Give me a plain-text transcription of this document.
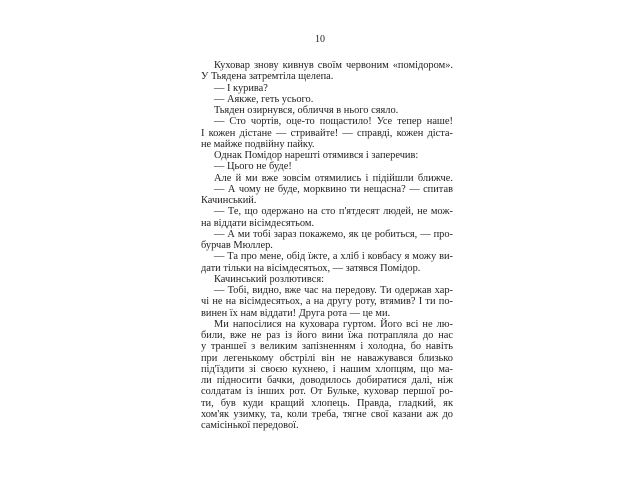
10
Куховар знову кивнув своїм червоним «помідором».
У Тьядена затремтіла щелепа.
— І курива?
— Аякже, геть усього.
Тьяден озирнувся, обличчя в нього сяяло.
— Сто чортів, оце-то пощастило! Усе тепер наше!
І кожен дістане — стривайте! — справді, кожен діста-
не майже подвійну пайку.
Однак Помідор нарешті отямився і заперечив:
— Цього не буде!
Але й ми вже зовсім отямились і підійшли ближче.
— А чому не буде, морквино ти нещасна? — спитав
Качинський.
— Те, що одержано на сто п'ятдесят людей, не мож-
на віддати вісімдесятьом.
— А ми тобі зараз покажемо, як це робиться, — про-
бурчав Мюллер.
— Та про мене, обід їжте, а хліб і ковбасу я можу ви-
дати тільки на вісімдесятьох, — затявся Помідор.
Качинський розлютився:
— Тобі, видно, вже час на передову. Ти одержав хар-
чі не на вісімдесятьох, а на другу роту, втямив? І ти по-
винен їх нам віддати! Друга рота — це ми.
Ми напосілися на куховара гуртом. Його всі не лю-
били, вже не раз із його вини їжа потрапляла до нас
у траншеї з великим запізненням і холодна, бо навіть
при легенькому обстрілі він не наважувався близько
під'їздити зі своєю кухнею, і нашим хлопцям, що ма-
ли підносити бачки, доводилось добиратися далі, ніж
солдатам із інших рот. От Бульке, куховар першої ро-
ти, був куди кращий хлопець. Правда, гладкий, як
хом'як узимку, та, коли треба, тягне свої казани аж до
самісінької передової.
